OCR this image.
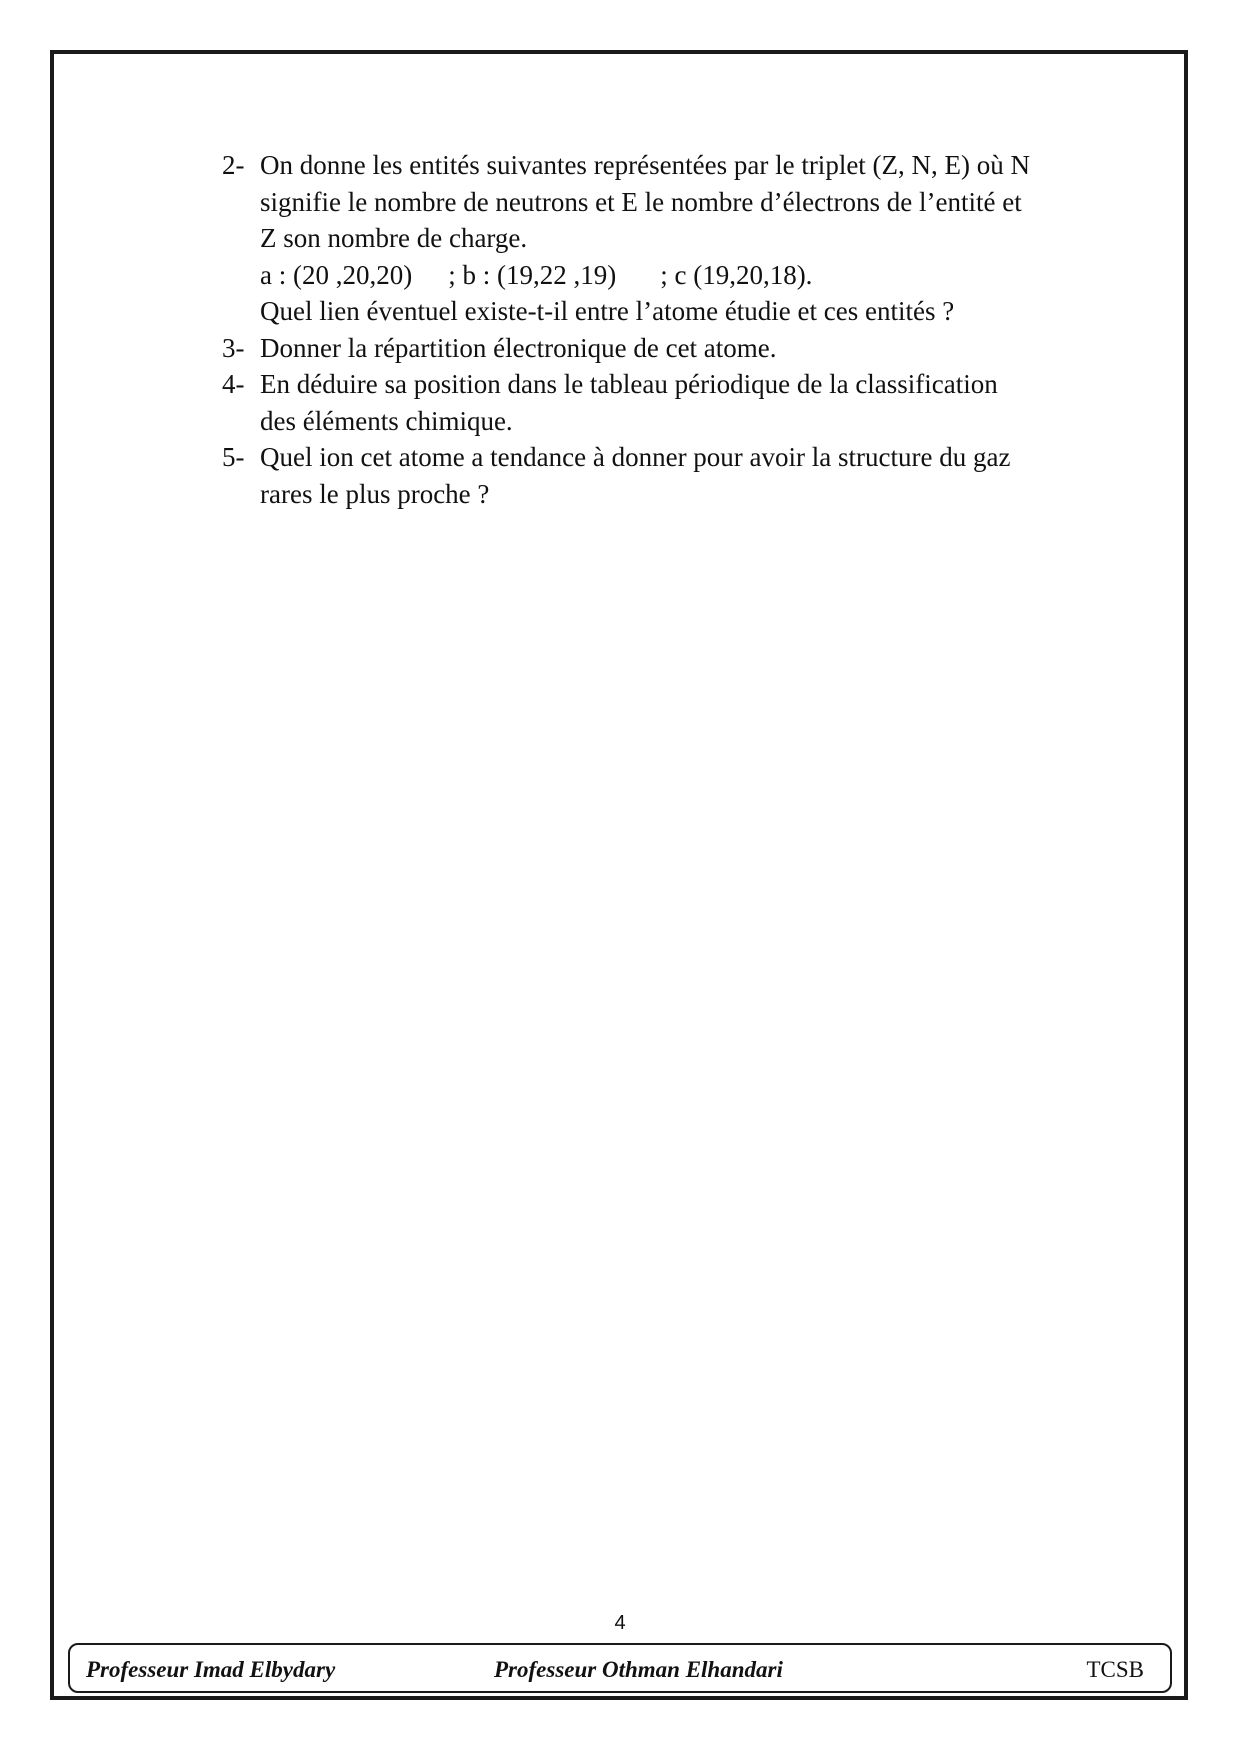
2- On donne les entités suivantes représentées par le triplet (Z, N, E) où N

signifie le nombre de neutrons et E le nombre d’électrons de l’entité et

Z son nombre de charge.

a : (20 ,20,20) ; b : (19,22 ,19) ; c (19,20,18).

Quel lien éventuel existe-t-il entre l’atome étudie et ces entités ?

3- Donner la répartition électronique de cet atome.

4- En déduire sa position dans le tableau périodique de la classification

des éléments chimique.

5- Quel ion cet atome a tendance à donner pour avoir la structure du gaz

rares le plus proche ?

4
Professeur Imad Elbydary	Professeur Othman Elhandari	TCSB
